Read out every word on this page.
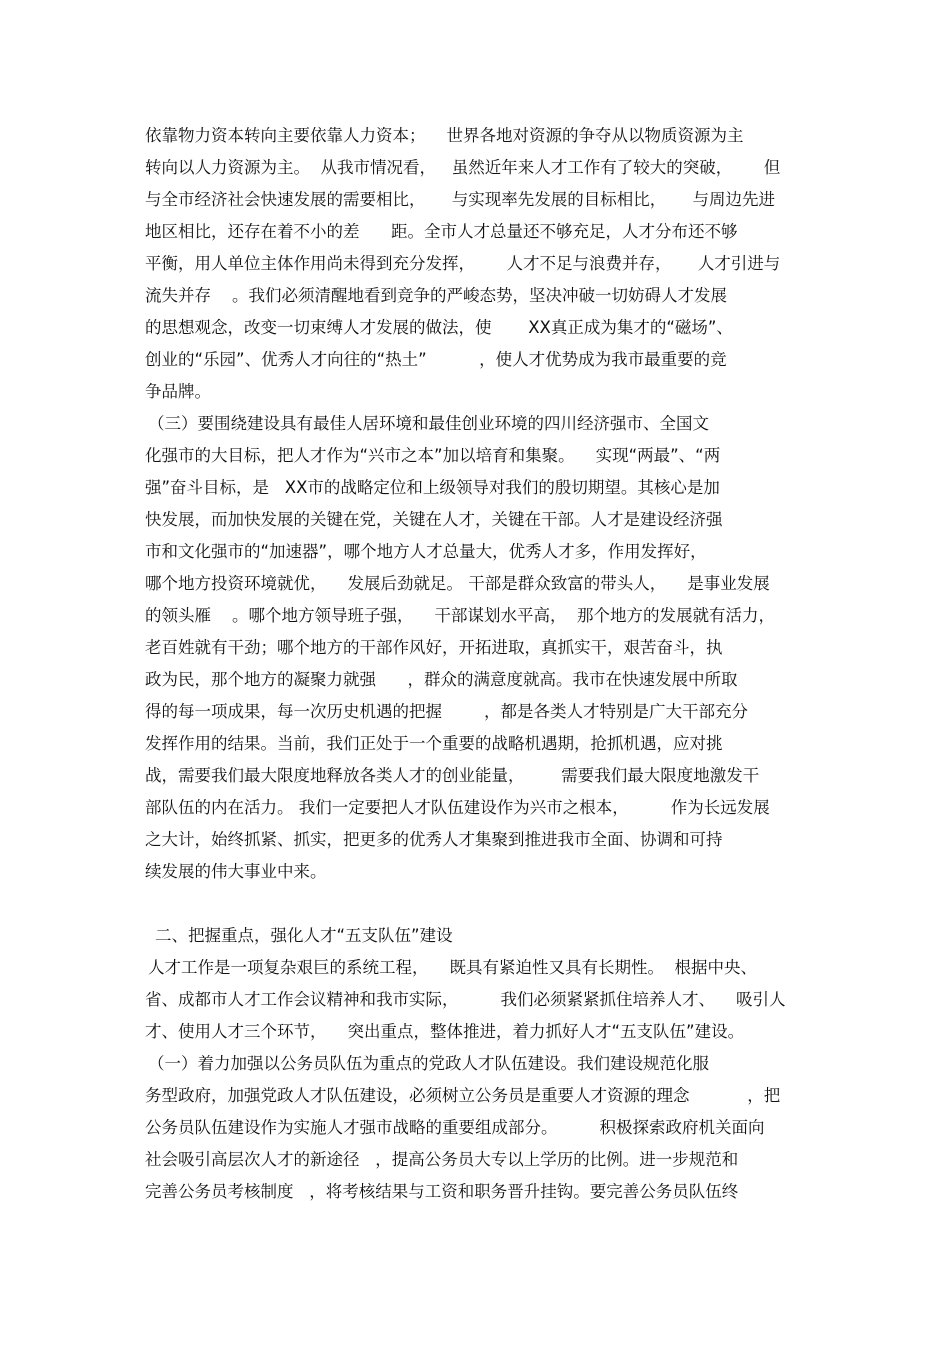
依靠物力资本转向主要依靠人力资本；    世界各地对资源的争夺从以物质资源为主
转向以人力资源为主。  从我市情况看，   虽然近年来人才工作有了较大的突破，      但
与全市经济社会快速发展的需要相比，     与实现率先发展的目标相比，     与周边先进
地区相比，还存在着不小的差      距。全市人才总量还不够充足，人才分布还不够
平衡，用人单位主体作用尚未得到充分发挥，      人才不足与浪费并存，     人才引进与
流失并存    。我们必须清醒地看到竞争的严峻态势，坚决冲破一切妨碍人才发展
的思想观念，改变一切束缚人才发展的做法，使       XX真正成为集才的“磁场”、
创业的“乐园”、优秀人才向往的“热土”          ，使人才优势成为我市最重要的竞
争品牌。
（三）要围绕建设具有最佳人居环境和最佳创业环境的四川经济强市、全国文
化强市的大目标，把人才作为“兴市之本”加以培育和集聚。    实现“两最”、“两
强”奋斗目标，是   XX市的战略定位和上级领导对我们的殷切期望。其核心是加
快发展，而加快发展的关键在党，关键在人才，关键在干部。人才是建设经济强
市和文化强市的“加速器”，哪个地方人才总量大，优秀人才多，作用发挥好，
哪个地方投资环境就优，    发展后劲就足。 干部是群众致富的带头人，    是事业发展
的领头雁    。哪个地方领导班子强，    干部谋划水平高，  那个地方的发展就有活力，
老百姓就有干劲；哪个地方的干部作风好，开拓进取，真抓实干，艰苦奋斗，执
政为民，那个地方的凝聚力就强      ，群众的满意度就高。我市在快速发展中所取
得的每一项成果，每一次历史机遇的把握        ，都是各类人才特别是广大干部充分
发挥作用的结果。当前，我们正处于一个重要的战略机遇期，抢抓机遇，应对挑
战，需要我们最大限度地释放各类人才的创业能量，       需要我们最大限度地激发干
部队伍的内在活力。 我们一定要把人才队伍建设作为兴市之根本，        作为长远发展
之大计，始终抓紧、抓实，把更多的优秀人才集聚到推进我市全面、协调和可持
续发展的伟大事业中来。
二、把握重点，强化人才“五支队伍”建设
人才工作是一项复杂艰巨的系统工程，    既具有紧迫性又具有长期性。  根据中央、
省、成都市人才工作会议精神和我市实际，        我们必须紧紧抓住培养人才、    吸引人
才、使用人才三个环节，    突出重点，整体推进，着力抓好人才“五支队伍”建设。
（一）着力加强以公务员队伍为重点的党政人才队伍建设。我们建设规范化服
务型政府，加强党政人才队伍建设，必须树立公务员是重要人才资源的理念           ，把
公务员队伍建设作为实施人才强市战略的重要组成部分。        积极探索政府机关面向
社会吸引高层次人才的新途径   ，提高公务员大专以上学历的比例。进一步规范和
完善公务员考核制度   ，将考核结果与工资和职务晋升挂钩。要完善公务员队伍终
